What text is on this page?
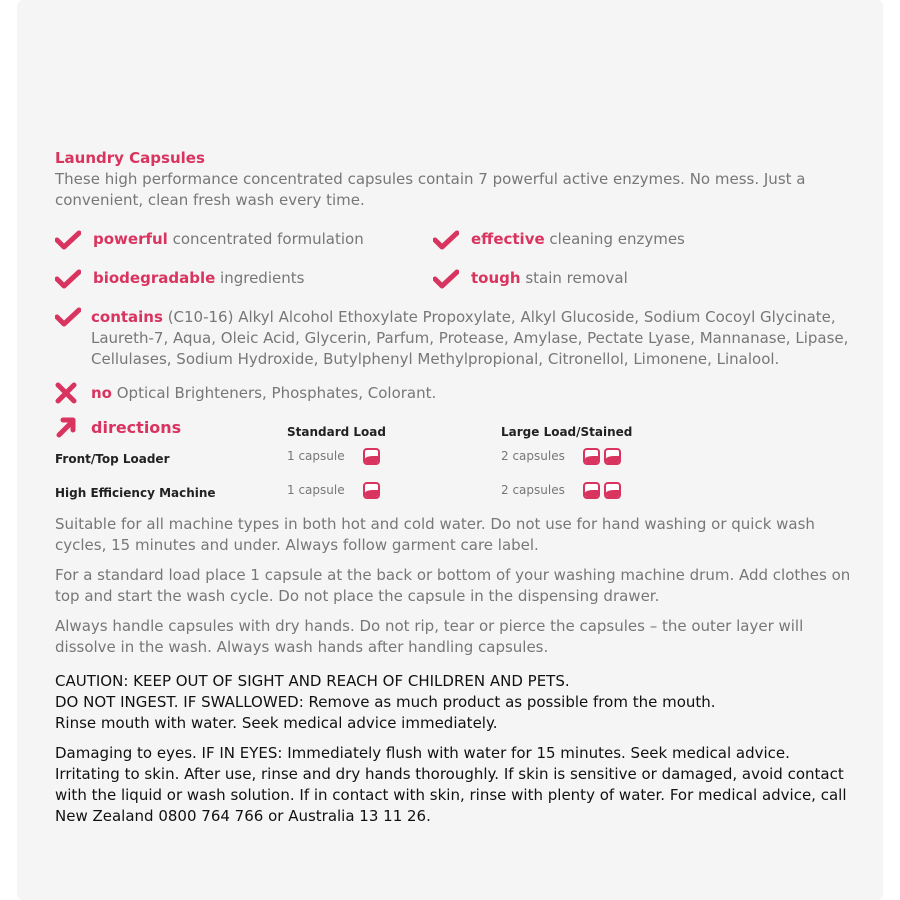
Laundry Capsules
These high performance concentrated capsules contain 7 powerful active enzymes. No mess. Just a convenient, clean fresh wash every time.
powerful concentrated formulation	effective cleaning enzymes
biodegradable ingredients	tough stain removal
contains (C10-16) Alkyl Alcohol Ethoxylate Propoxylate, Alkyl Glucoside, Sodium Cocoyl Glycinate, Laureth-7, Aqua, Oleic Acid, Glycerin, Parfum, Protease, Amylase, Pectate Lyase, Mannanase, Lipase, Cellulases, Sodium Hydroxide, Butylphenyl Methylpropional, Citronellol, Limonene, Linalool.
no Optical Brighteners, Phosphates, Colorant.
directions	Standard Load	Large Load/Stained
Front/Top Loader	1 capsule	2 capsules
High Efficiency Machine	1 capsule	2 capsules
Suitable for all machine types in both hot and cold water. Do not use for hand washing or quick wash cycles, 15 minutes and under. Always follow garment care label.
For a standard load place 1 capsule at the back or bottom of your washing machine drum. Add clothes on top and start the wash cycle. Do not place the capsule in the dispensing drawer.
Always handle capsules with dry hands. Do not rip, tear or pierce the capsules – the outer layer will dissolve in the wash. Always wash hands after handling capsules.

CAUTION: KEEP OUT OF SIGHT AND REACH OF CHILDREN AND PETS.

DO NOT INGEST. IF SWALLOWED: Remove as much product as possible from the mouth.

Rinse mouth with water. Seek medical advice immediately.

Damaging to eyes. IF IN EYES: Immediately flush with water for 15 minutes. Seek medical advice. Irritating to skin. After use, rinse and dry hands thoroughly. If skin is sensitive or damaged, avoid contact with the liquid or wash solution. If in contact with skin, rinse with plenty of water. For medical advice, call New Zealand 0800 764 766 or Australia 13 11 26.
